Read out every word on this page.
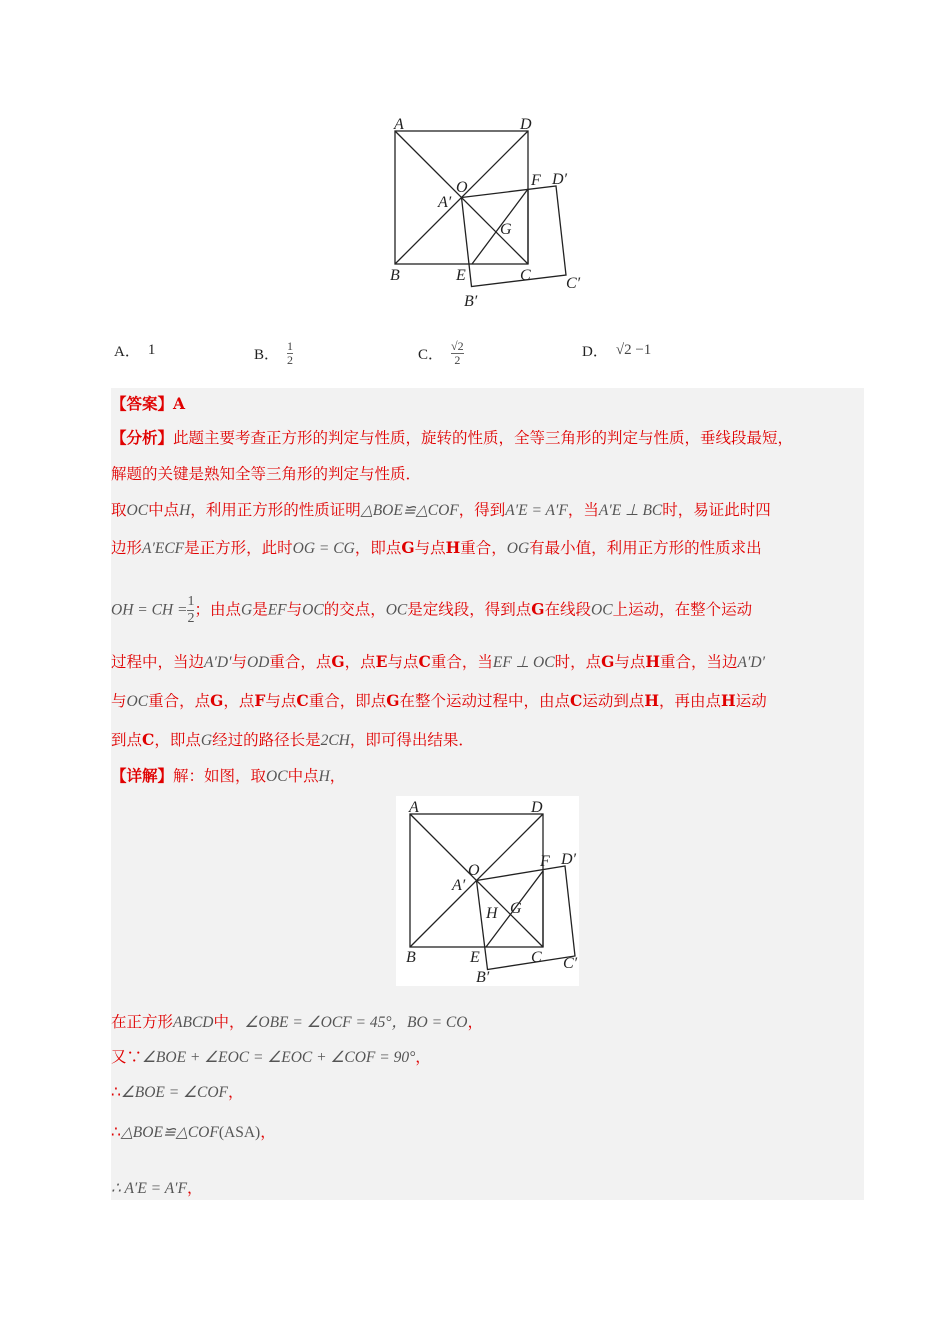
A	D
B	C
O
A′
F D′
G
E
B′
C′
A． 1	B． $\frac{1}{2}$	C． $\frac{√2}{2}$	D． √2 −1
【答案】A
【分析】此题主要考查正方形的判定与性质，旋转的性质，全等三角形的判定与性质，垂线段最短，
解题的关键是熟知全等三角形的判定与性质．
取OC中点H，利用正方形的性质证明△BOE≌△COF，得到A′E = A′F，当A′E ⊥ BC时，易证此时四
边形A′ECF是正方形，此时OG = CG，即点G与点H重合，OG有最小值，利用正方形的性质求出
OH = CH = $\frac{1}{2}$ ；由点G是EF与OC的交点，OC是定线段，得到点G在线段OC上运动，在整个运动
过程中，当边A′D′与OD重合，点G，点E与点C重合，当EF ⊥ OC时，点G与点H重合，当边A′D′
与OC重合，点G，点F与点C重合，即点G在整个运动过程中，由点C运动到点H，再由点H运动
到点C，即点G经过的路径长是2CH，即可得出结果．
【详解】解：如图，取OC中点H，
A	D
B	C
O
A′
F D′
H G
E
B′
C′
在正方形ABCD中，∠OBE = ∠OCF = 45°，BO = CO，
又∵∠BOE + ∠EOC = ∠EOC + ∠COF = 90°，
∴∠BOE = ∠COF，
∴△BOE≌△COF(ASA)，
∴ A′E = A′F，
